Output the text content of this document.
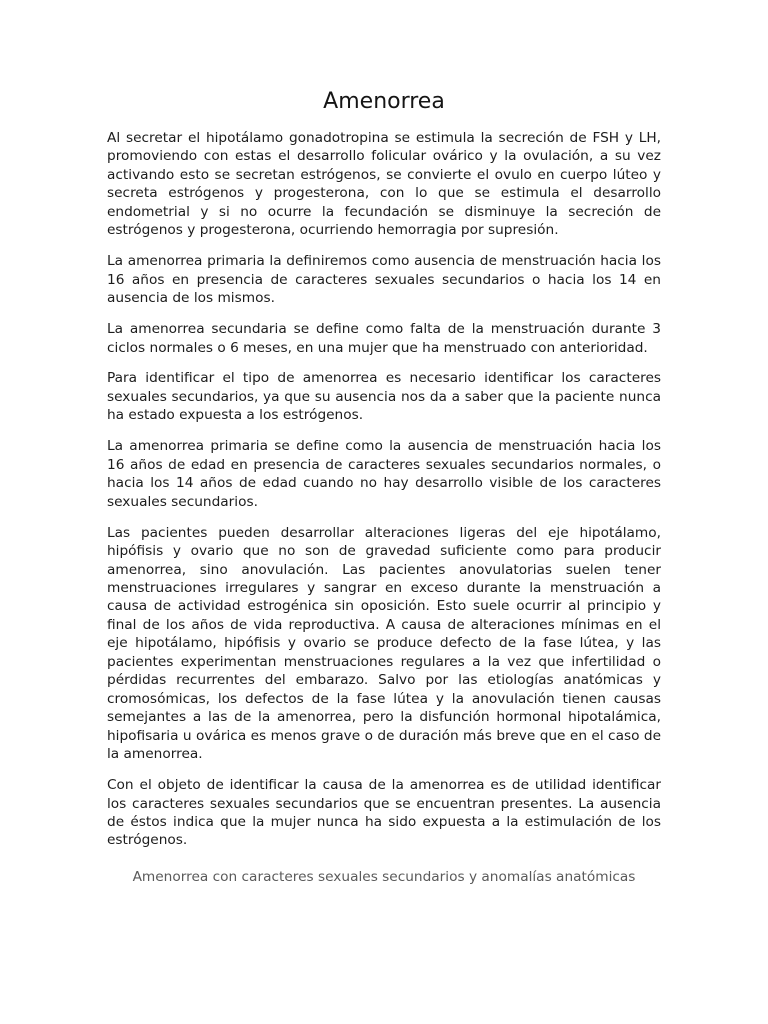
Amenorrea

Al secretar el hipotálamo gonadotropina se estimula la secreción de FSH y LH, promoviendo con estas el desarrollo folicular ovárico y la ovulación, a su vez activando esto se secretan estrógenos, se convierte el ovulo en cuerpo lúteo y secreta estrógenos y progesterona, con lo que se estimula el desarrollo endometrial y si no ocurre la fecundación se disminuye la secreción de estrógenos y progesterona, ocurriendo hemorragia por supresión.

La amenorrea primaria la definiremos como ausencia de menstruación hacia los 16 años en presencia de caracteres sexuales secundarios o hacia los 14 en ausencia de los mismos.

La amenorrea secundaria se define como falta de la menstruación durante 3 ciclos normales o 6 meses, en una mujer que ha menstruado con anterioridad.

Para identificar el tipo de amenorrea es necesario identificar los caracteres sexuales secundarios, ya que su ausencia nos da a saber que la paciente nunca ha estado expuesta a los estrógenos.

La amenorrea primaria se define como la ausencia de menstruación hacia los 16 años de edad en presencia de caracteres sexuales secundarios normales, o hacia los 14 años de edad cuando no hay desarrollo visible de los caracteres sexuales secundarios.

Las pacientes pueden desarrollar alteraciones ligeras del eje hipotálamo, hipófisis y ovario que no son de gravedad suficiente como para producir amenorrea, sino anovulación. Las pacientes anovulatorias suelen tener menstruaciones irregulares y sangrar en exceso durante la menstruación a causa de actividad estrogénica sin oposición. Esto suele ocurrir al principio y final de los años de vida reproductiva. A causa de alteraciones mínimas en el eje hipotálamo, hipófisis y ovario se produce defecto de la fase lútea, y las pacientes experimentan menstruaciones regulares a la vez que infertilidad o pérdidas recurrentes del embarazo. Salvo por las etiologías anatómicas y cromosómicas, los defectos de la fase lútea y la anovulación tienen causas semejantes a las de la amenorrea, pero la disfunción hormonal hipotalámica, hipofisaria u ovárica es menos grave o de duración más breve que en el caso de la amenorrea.

Con el objeto de identificar la causa de la amenorrea es de utilidad identificar los caracteres sexuales secundarios que se encuentran presentes. La ausencia de éstos indica que la mujer nunca ha sido expuesta a la estimulación de los estrógenos.

Amenorrea con caracteres sexuales secundarios y anomalías anatómicas
